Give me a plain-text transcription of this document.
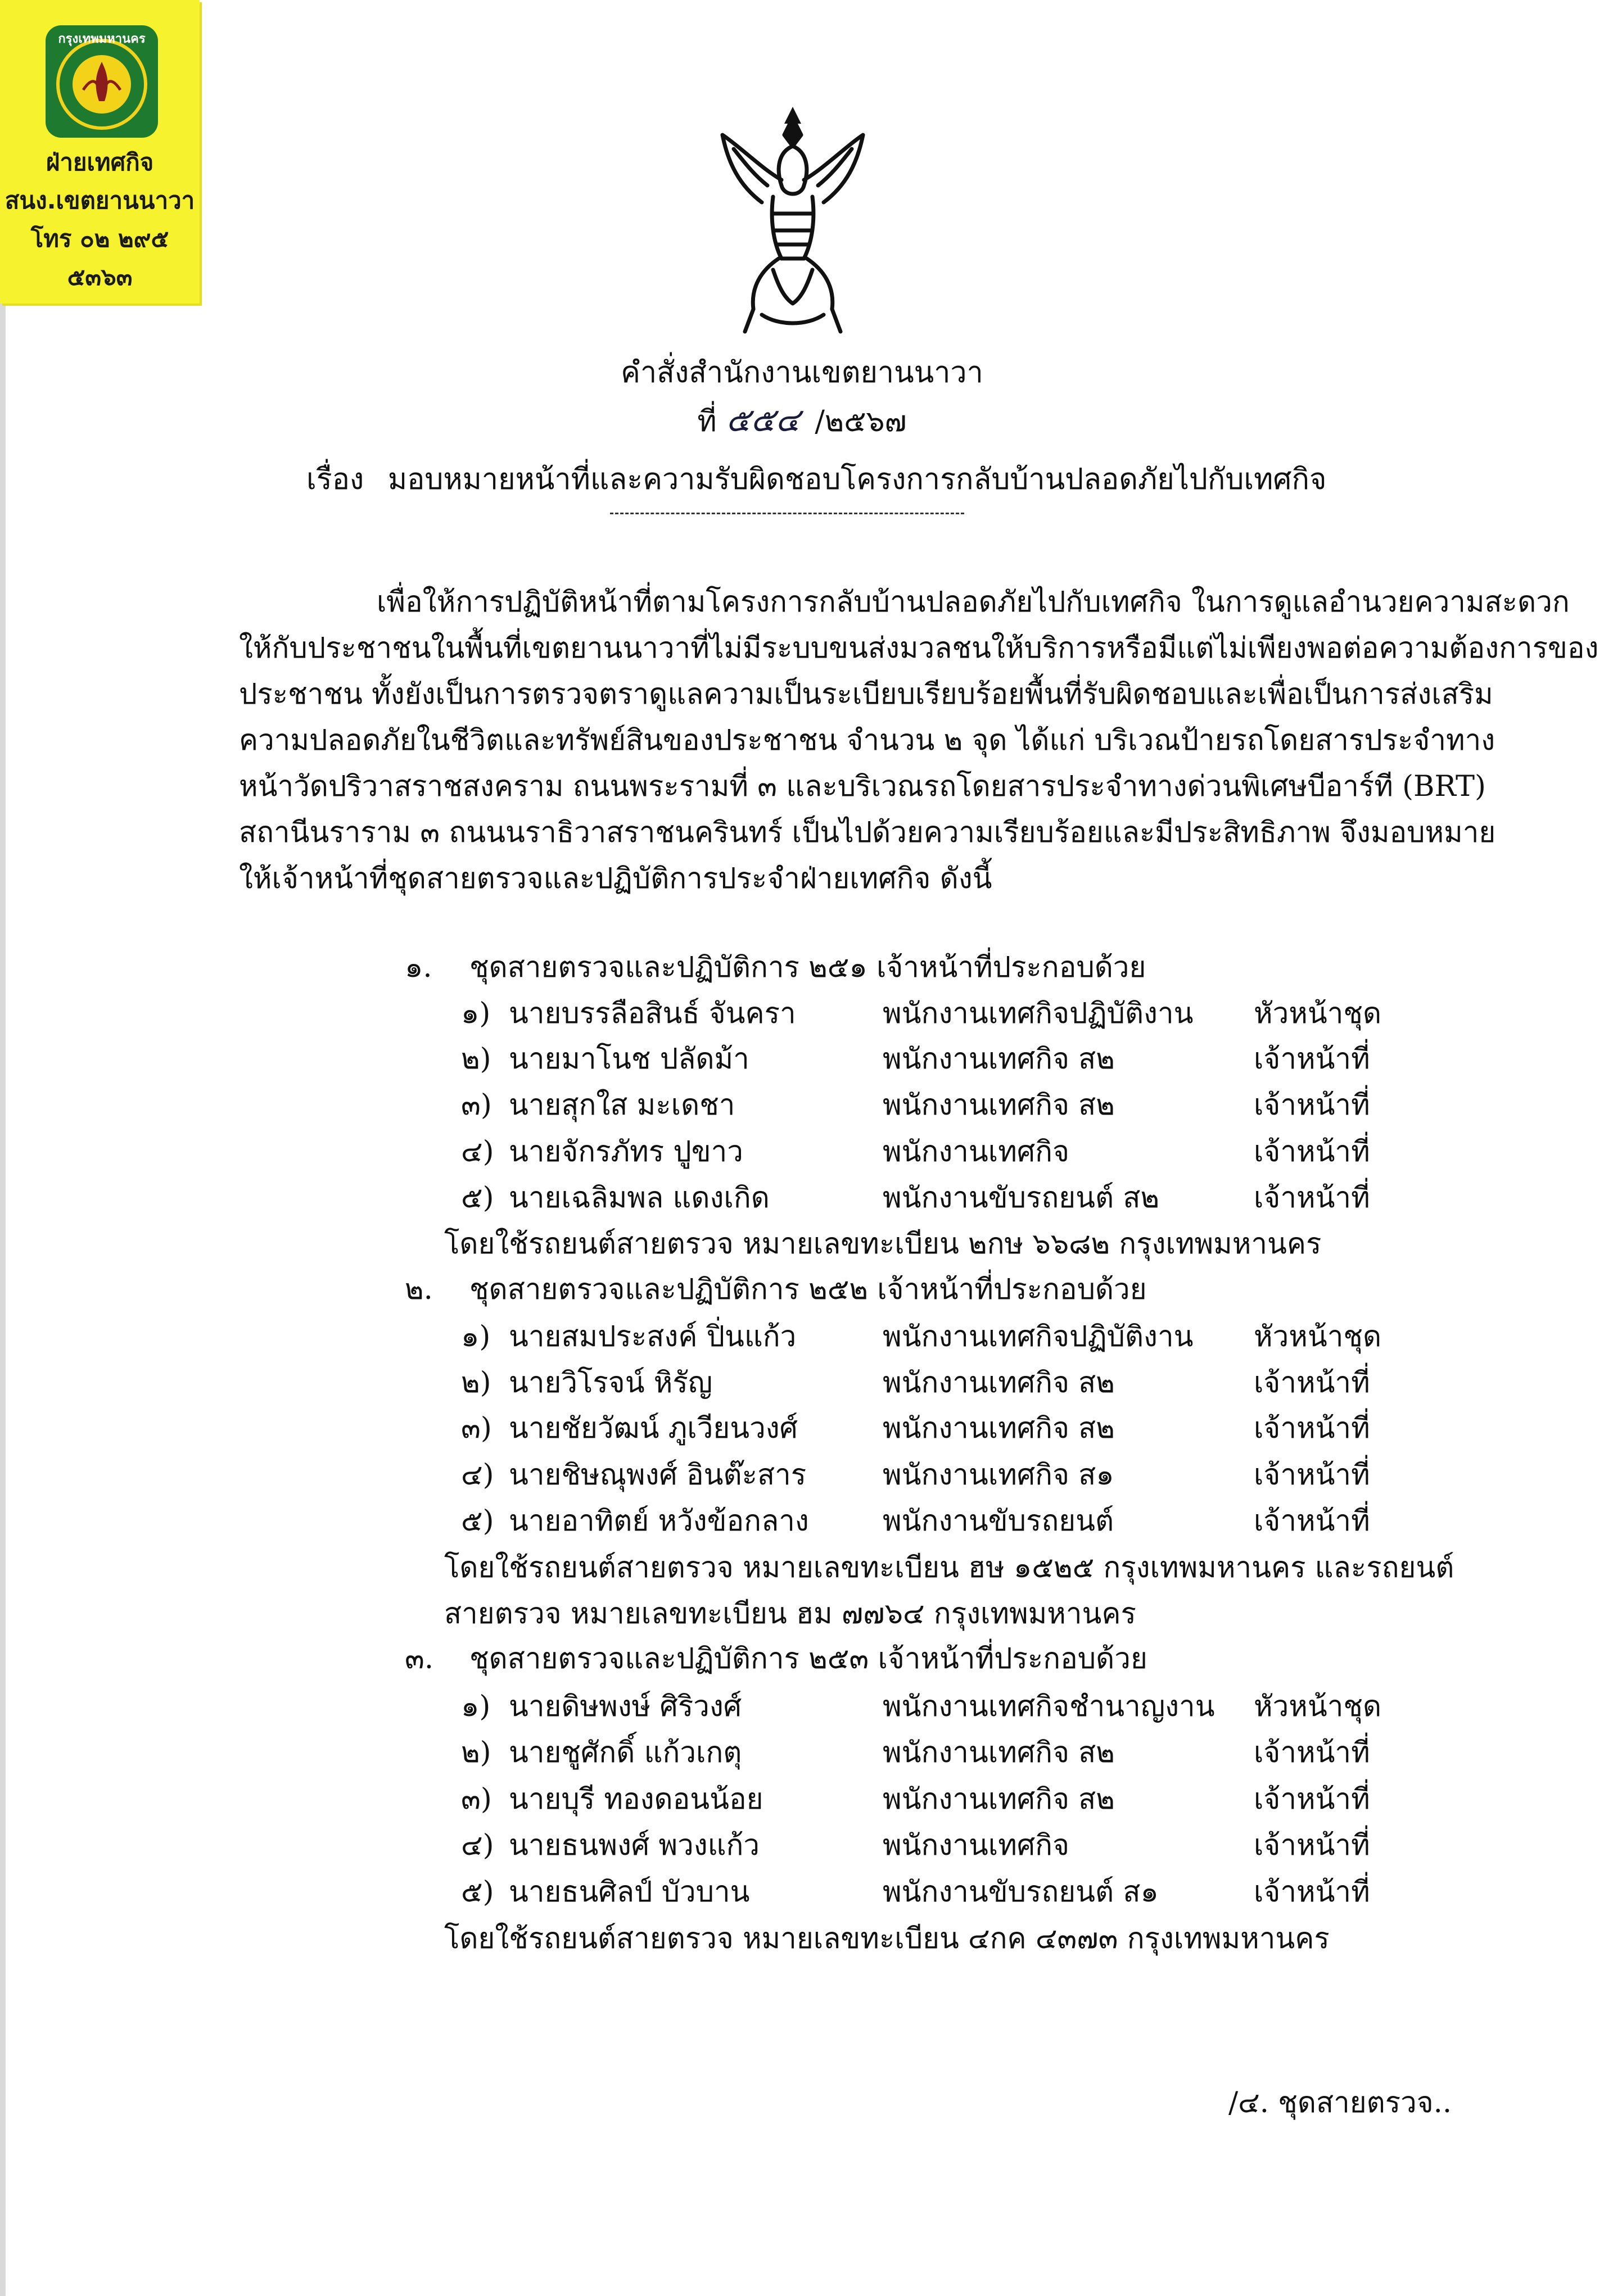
กรุงเทพมหานคร
ฝ่ายเทศกิจ
สนง.เขตยานนาวา
โทร ๐๒ ๒๙๕
๕๓๖๓
คำสั่งสำนักงานเขตยานนาวา
ที่ ๕๕๔ /๒๕๖๗
เรื่อง มอบหมายหน้าที่และความรับผิดชอบโครงการกลับบ้านปลอดภัยไปกับเทศกิจ
เพื่อให้การปฏิบัติหน้าที่ตามโครงการกลับบ้านปลอดภัยไปกับเทศกิจ ในการดูแลอำนวยความสะดวก
ให้กับประชาชนในพื้นที่เขตยานนาวาที่ไม่มีระบบขนส่งมวลชนให้บริการหรือมีแต่ไม่เพียงพอต่อความต้องการของ
ประชาชน ทั้งยังเป็นการตรวจตราดูแลความเป็นระเบียบเรียบร้อยพื้นที่รับผิดชอบและเพื่อเป็นการส่งเสริม
ความปลอดภัยในชีวิตและทรัพย์สินของประชาชน จำนวน ๒ จุด ได้แก่ บริเวณป้ายรถโดยสารประจำทาง
หน้าวัดปริวาสราชสงคราม ถนนพระรามที่ ๓ และบริเวณรถโดยสารประจำทางด่วนพิเศษบีอาร์ที (BRT)
สถานีนราราม ๓ ถนนนราธิวาสราชนครินทร์ เป็นไปด้วยความเรียบร้อยและมีประสิทธิภาพ จึงมอบหมาย
ให้เจ้าหน้าที่ชุดสายตรวจและปฏิบัติการประจำฝ่ายเทศกิจ ดังนี้
๑. ชุดสายตรวจและปฏิบัติการ ๒๕๑ เจ้าหน้าที่ประกอบด้วย
๑) นายบรรลือสินธ์ จันครา	พนักงานเทศกิจปฏิบัติงาน หัวหน้าชุด
๒) นายมาโนช ปลัดม้า	พนักงานเทศกิจ ส๒	เจ้าหน้าที่
๓) นายสุกใส มะเดชา	พนักงานเทศกิจ ส๒	เจ้าหน้าที่
๔) นายจักรภัทร ปูขาว	พนักงานเทศกิจ	เจ้าหน้าที่
๕) นายเฉลิมพล แดงเกิด	พนักงานขับรถยนต์ ส๒	เจ้าหน้าที่
โดยใช้รถยนต์สายตรวจ หมายเลขทะเบียน ๒กษ ๖๖๘๒ กรุงเทพมหานคร
๒. ชุดสายตรวจและปฏิบัติการ ๒๕๒ เจ้าหน้าที่ประกอบด้วย
๑) นายสมประสงค์ ปิ่นแก้ว	พนักงานเทศกิจปฏิบัติงาน หัวหน้าชุด
๒) นายวิโรจน์ หิรัญ	พนักงานเทศกิจ ส๒	เจ้าหน้าที่
๓) นายชัยวัฒน์ ภูเวียนวงศ์	พนักงานเทศกิจ ส๒	เจ้าหน้าที่
๔) นายชิษณุพงศ์ อินต๊ะสาร	พนักงานเทศกิจ ส๑	เจ้าหน้าที่
๕) นายอาทิตย์ หวังข้อกลาง	พนักงานขับรถยนต์	เจ้าหน้าที่
โดยใช้รถยนต์สายตรวจ หมายเลขทะเบียน ฮษ ๑๕๒๕ กรุงเทพมหานคร และรถยนต์
สายตรวจ หมายเลขทะเบียน ฮม ๗๗๖๔ กรุงเทพมหานคร
๓. ชุดสายตรวจและปฏิบัติการ ๒๕๓ เจ้าหน้าที่ประกอบด้วย
๑) นายดิษพงษ์ ศิริวงศ์	พนักงานเทศกิจชำนาญงาน หัวหน้าชุด
๒) นายชูศักดิ์ แก้วเกตุ	พนักงานเทศกิจ ส๒	เจ้าหน้าที่
๓) นายบุรี ทองดอนน้อย	พนักงานเทศกิจ ส๒	เจ้าหน้าที่
๔) นายธนพงศ์ พวงแก้ว	พนักงานเทศกิจ	เจ้าหน้าที่
๕) นายธนศิลป์ บัวบาน	พนักงานขับรถยนต์ ส๑	เจ้าหน้าที่
โดยใช้รถยนต์สายตรวจ หมายเลขทะเบียน ๔กค ๔๓๗๓ กรุงเทพมหานคร
/๔. ชุดสายตรวจ..
